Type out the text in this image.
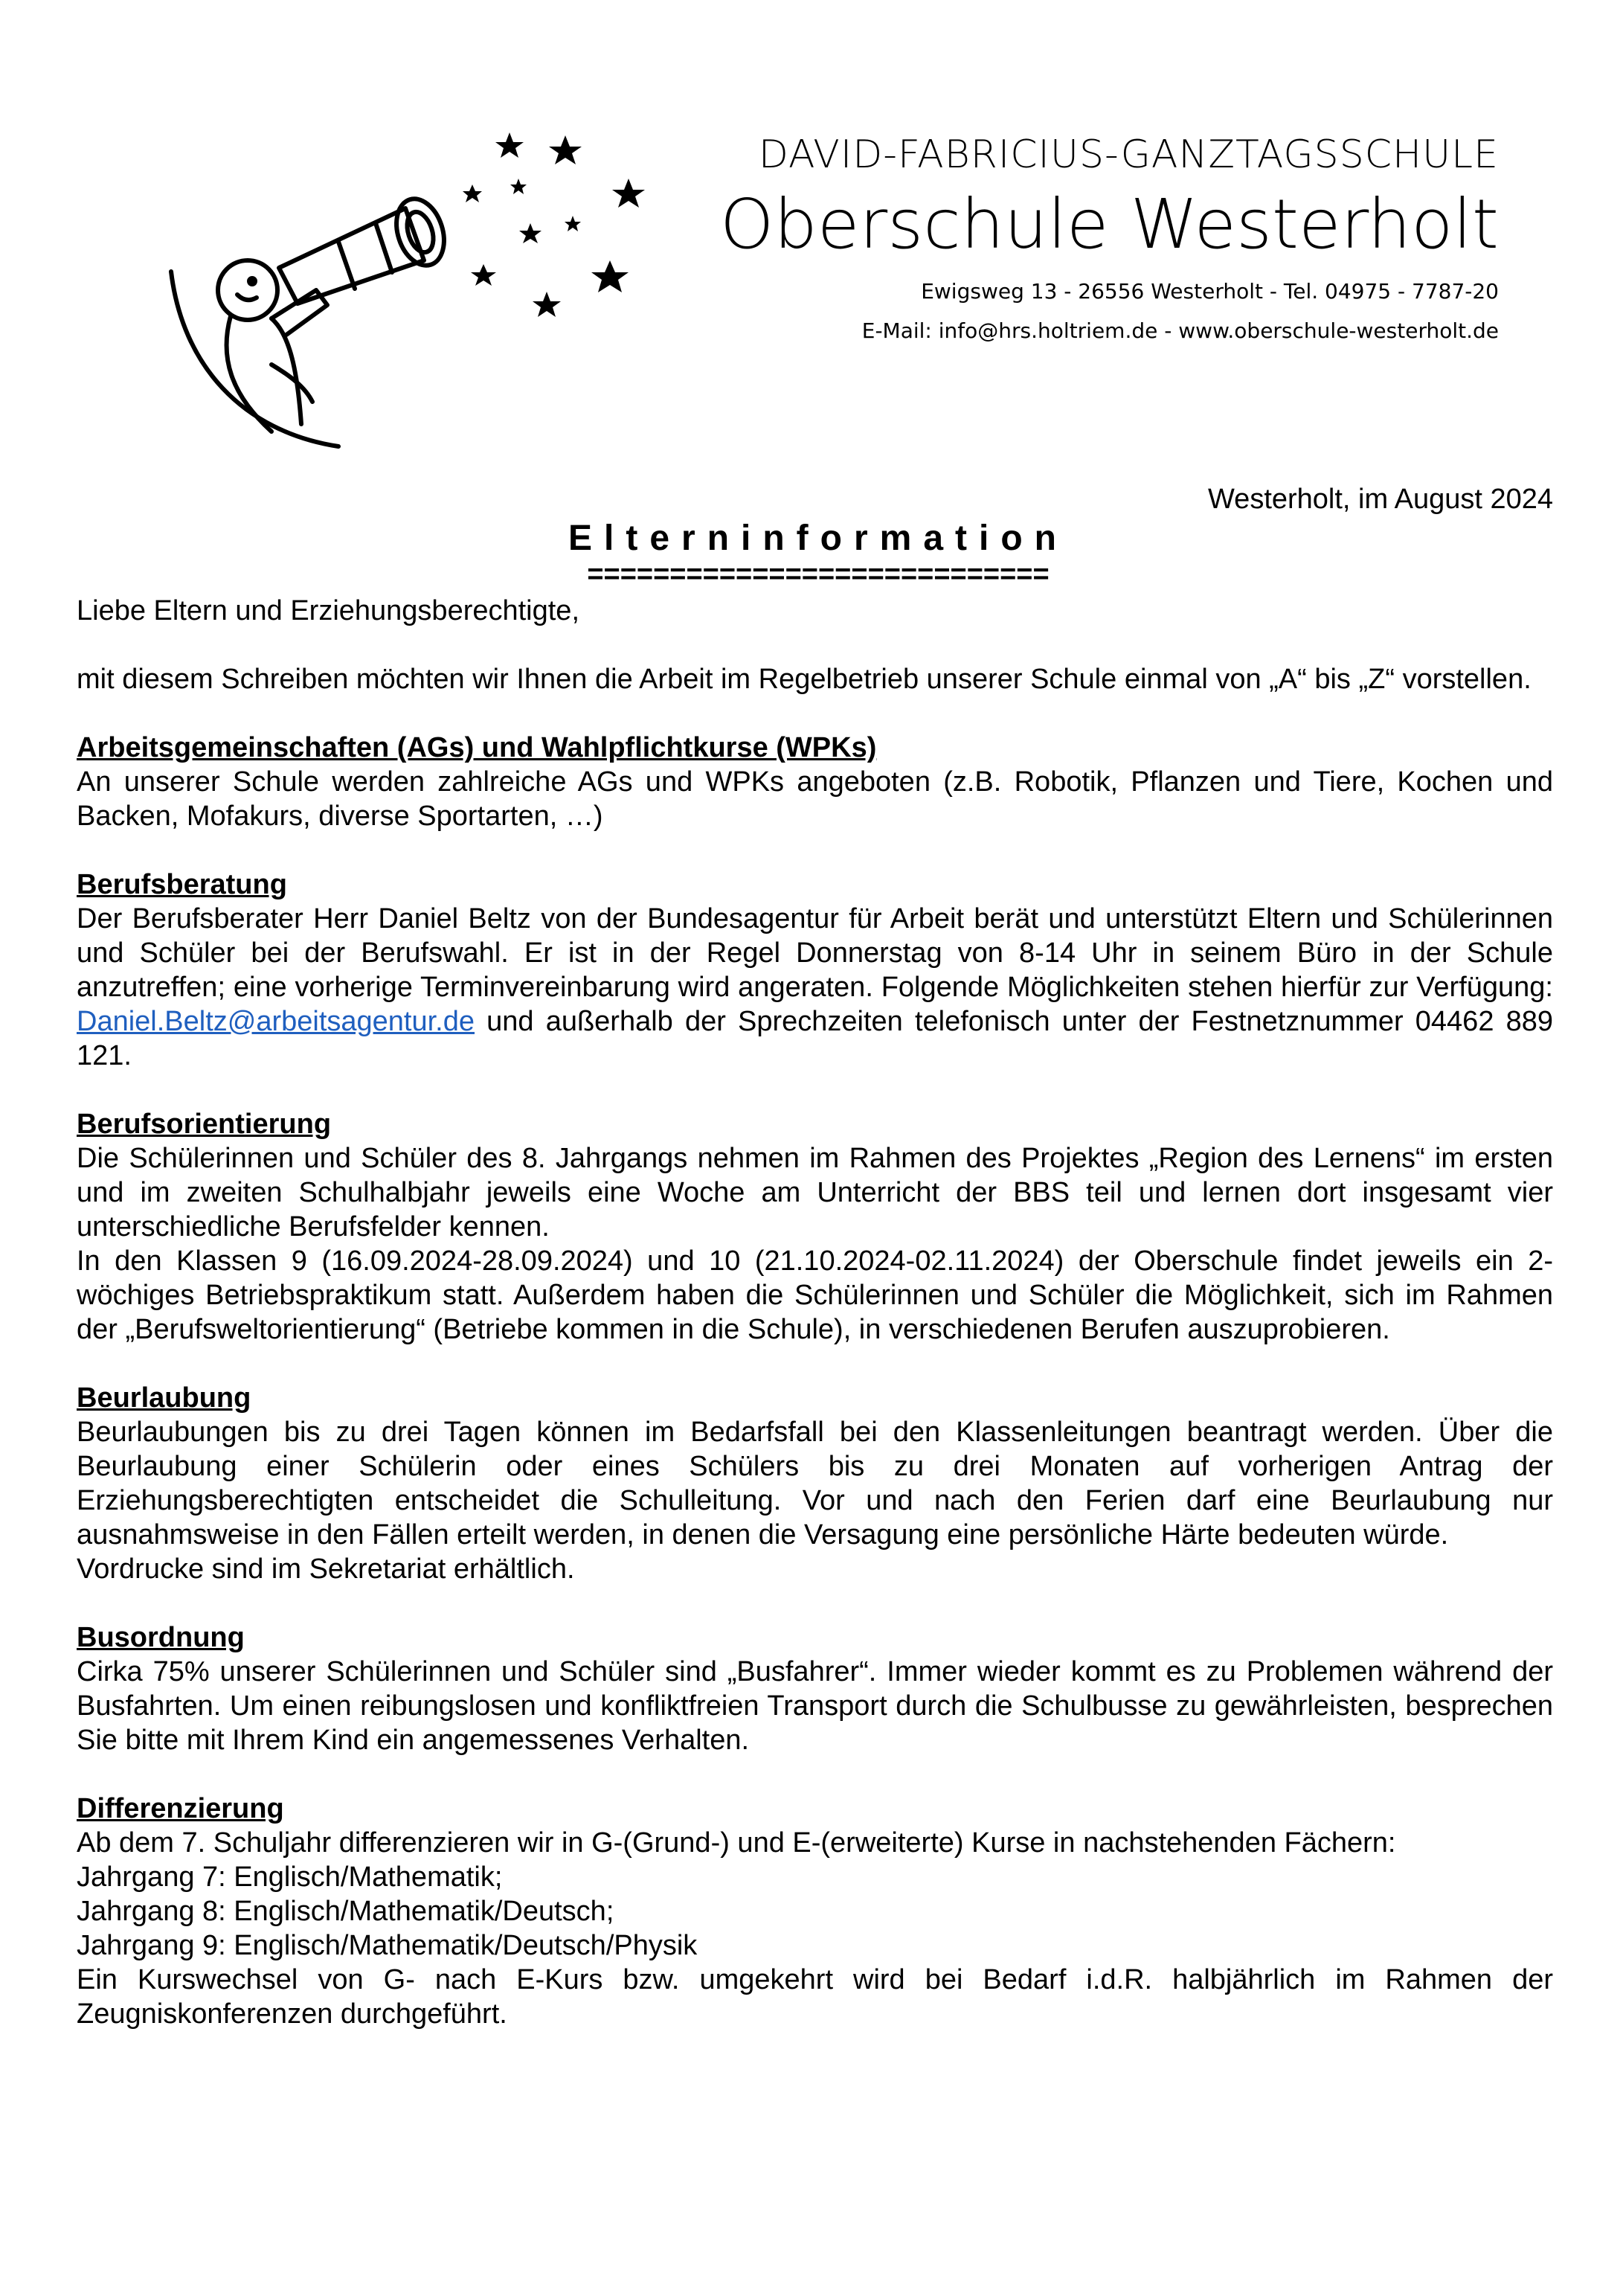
DAVID-FABRICIUS-GANZTAGSSCHULE
Oberschule Westerholt
Ewigsweg 13 - 26556 Westerholt - Tel. 04975 - 7787-20
E-Mail: info@hrs.holtriem.de - www.oberschule-westerholt.de
Westerholt, im August 2024
Elterninformation
============================

Liebe Eltern und Erziehungsberechtigte,

mit diesem Schreiben möchten wir Ihnen die Arbeit im Regelbetrieb unserer Schule einmal von „A“ bis „Z“ vorstellen.

Arbeitsgemeinschaften (AGs) und Wahlpflichtkurse (WPKs)

An unserer Schule werden zahlreiche AGs und WPKs angeboten (z.B. Robotik, Pflanzen und Tiere, Kochen und Backen, Mofakurs, diverse Sportarten, …)

Berufsberatung

Der Berufsberater Herr Daniel Beltz von der Bundesagentur für Arbeit berät und unterstützt Eltern und Schülerinnen und Schüler bei der Berufswahl. Er ist in der Regel Donnerstag von 8-14 Uhr in seinem Büro in der Schule anzutreffen; eine vorherige Terminvereinbarung wird angeraten. Folgende Möglichkeiten stehen hierfür zur Verfügung: Daniel.Beltz@arbeitsagentur.de und außerhalb der Sprechzeiten telefonisch unter der Festnetznummer 04462 889 121.

Berufsorientierung

Die Schülerinnen und Schüler des 8. Jahrgangs nehmen im Rahmen des Projektes „Region des Lernens“ im ersten und im zweiten Schulhalbjahr jeweils eine Woche am Unterricht der BBS teil und lernen dort insgesamt vier unterschiedliche Berufsfelder kennen.

In den Klassen 9 (16.09.2024-28.09.2024) und 10 (21.10.2024-02.11.2024) der Oberschule findet jeweils ein 2-wöchiges Betriebspraktikum statt. Außerdem haben die Schülerinnen und Schüler die Möglichkeit, sich im Rahmen der „Berufsweltorientierung“ (Betriebe kommen in die Schule), in verschiedenen Berufen auszuprobieren.

Beurlaubung

Beurlaubungen bis zu drei Tagen können im Bedarfsfall bei den Klassenleitungen beantragt werden. Über die Beurlaubung einer Schülerin oder eines Schülers bis zu drei Monaten auf vorherigen Antrag der Erziehungsberechtigten entscheidet die Schulleitung. Vor und nach den Ferien darf eine Beurlaubung nur ausnahmsweise in den Fällen erteilt werden, in denen die Versagung eine persönliche Härte bedeuten würde.

Vordrucke sind im Sekretariat erhältlich.

Busordnung

Cirka 75% unserer Schülerinnen und Schüler sind „Busfahrer“. Immer wieder kommt es zu Problemen während der Busfahrten. Um einen reibungslosen und konfliktfreien Transport durch die Schulbusse zu gewährleisten, besprechen Sie bitte mit Ihrem Kind ein angemessenes Verhalten.

Differenzierung

Ab dem 7. Schuljahr differenzieren wir in G-(Grund-) und E-(erweiterte) Kurse in nachstehenden Fächern:

Jahrgang 7: Englisch/Mathematik;

Jahrgang 8: Englisch/Mathematik/Deutsch;

Jahrgang 9: Englisch/Mathematik/Deutsch/Physik

Ein Kurswechsel von G- nach E-Kurs bzw. umgekehrt wird bei Bedarf i.d.R. halbjährlich im Rahmen der Zeugniskonferenzen durchgeführt.
